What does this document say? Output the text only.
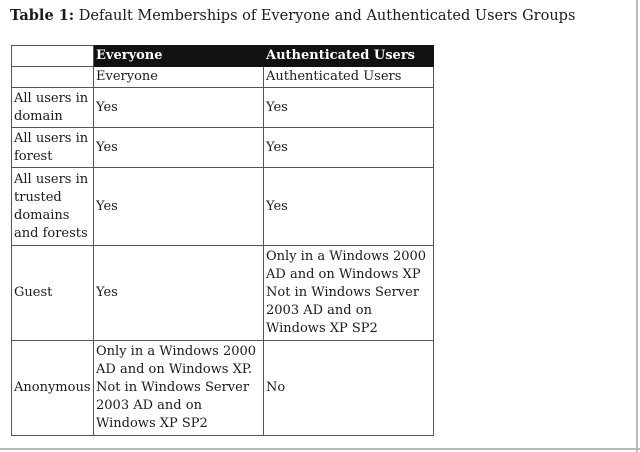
Table 1: Default Memberships of Everyone and Authenticated Users Groups
	Everyone	Authenticated Users
	Everyone	Authenticated Users
All users in domain	Yes	Yes
All users in forest	Yes	Yes
All users in trusted domains and forests	Yes	Yes
Guest	Yes	Only in a Windows 2000 AD and on Windows XP Not in Windows Server 2003 AD and on Windows XP SP2
Anonymous	Only in a Windows 2000 AD and on Windows XP. Not in Windows Server 2003 AD and on Windows XP SP2	No
